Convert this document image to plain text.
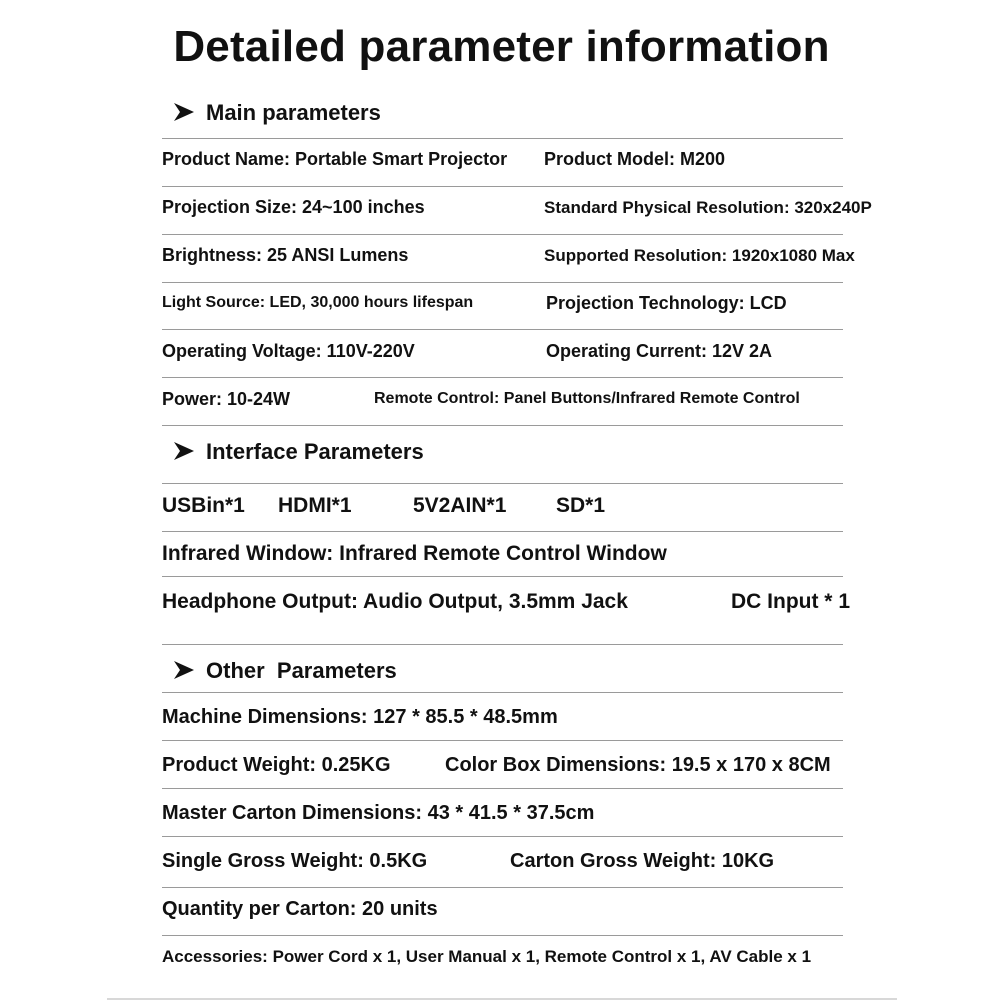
Detailed parameter information
Main parameters
Product Name: Portable Smart Projector Product Model: M200
Projection Size: 24~100 inches	Standard Physical Resolution: 320x240P
Brightness: 25 ANSI Lumens	Supported Resolution: 1920x1080 Max
Light Source: LED, 30,000 hours lifespan	Projection Technology: LCD
Operating Voltage: 110V-220V	Operating Current: 12V 2A
Power: 10-24W	Remote Control: Panel Buttons/Infrared Remote Control
Interface Parameters
USBin*1 HDMI*1	5V2AIN*1 SD*1
Infrared Window: Infrared Remote Control Window
Headphone Output: Audio Output, 3.5mm Jack	DC Input * 1
Other  Parameters
Machine Dimensions: 127 * 85.5 * 48.5mm
Product Weight: 0.25KG	Color Box Dimensions: 19.5 x 170 x 8CM
Master Carton Dimensions: 43 * 41.5 * 37.5cm
Single Gross Weight: 0.5KG	Carton Gross Weight: 10KG
Quantity per Carton: 20 units
Accessories: Power Cord x 1, User Manual x 1, Remote Control x 1, AV Cable x 1
